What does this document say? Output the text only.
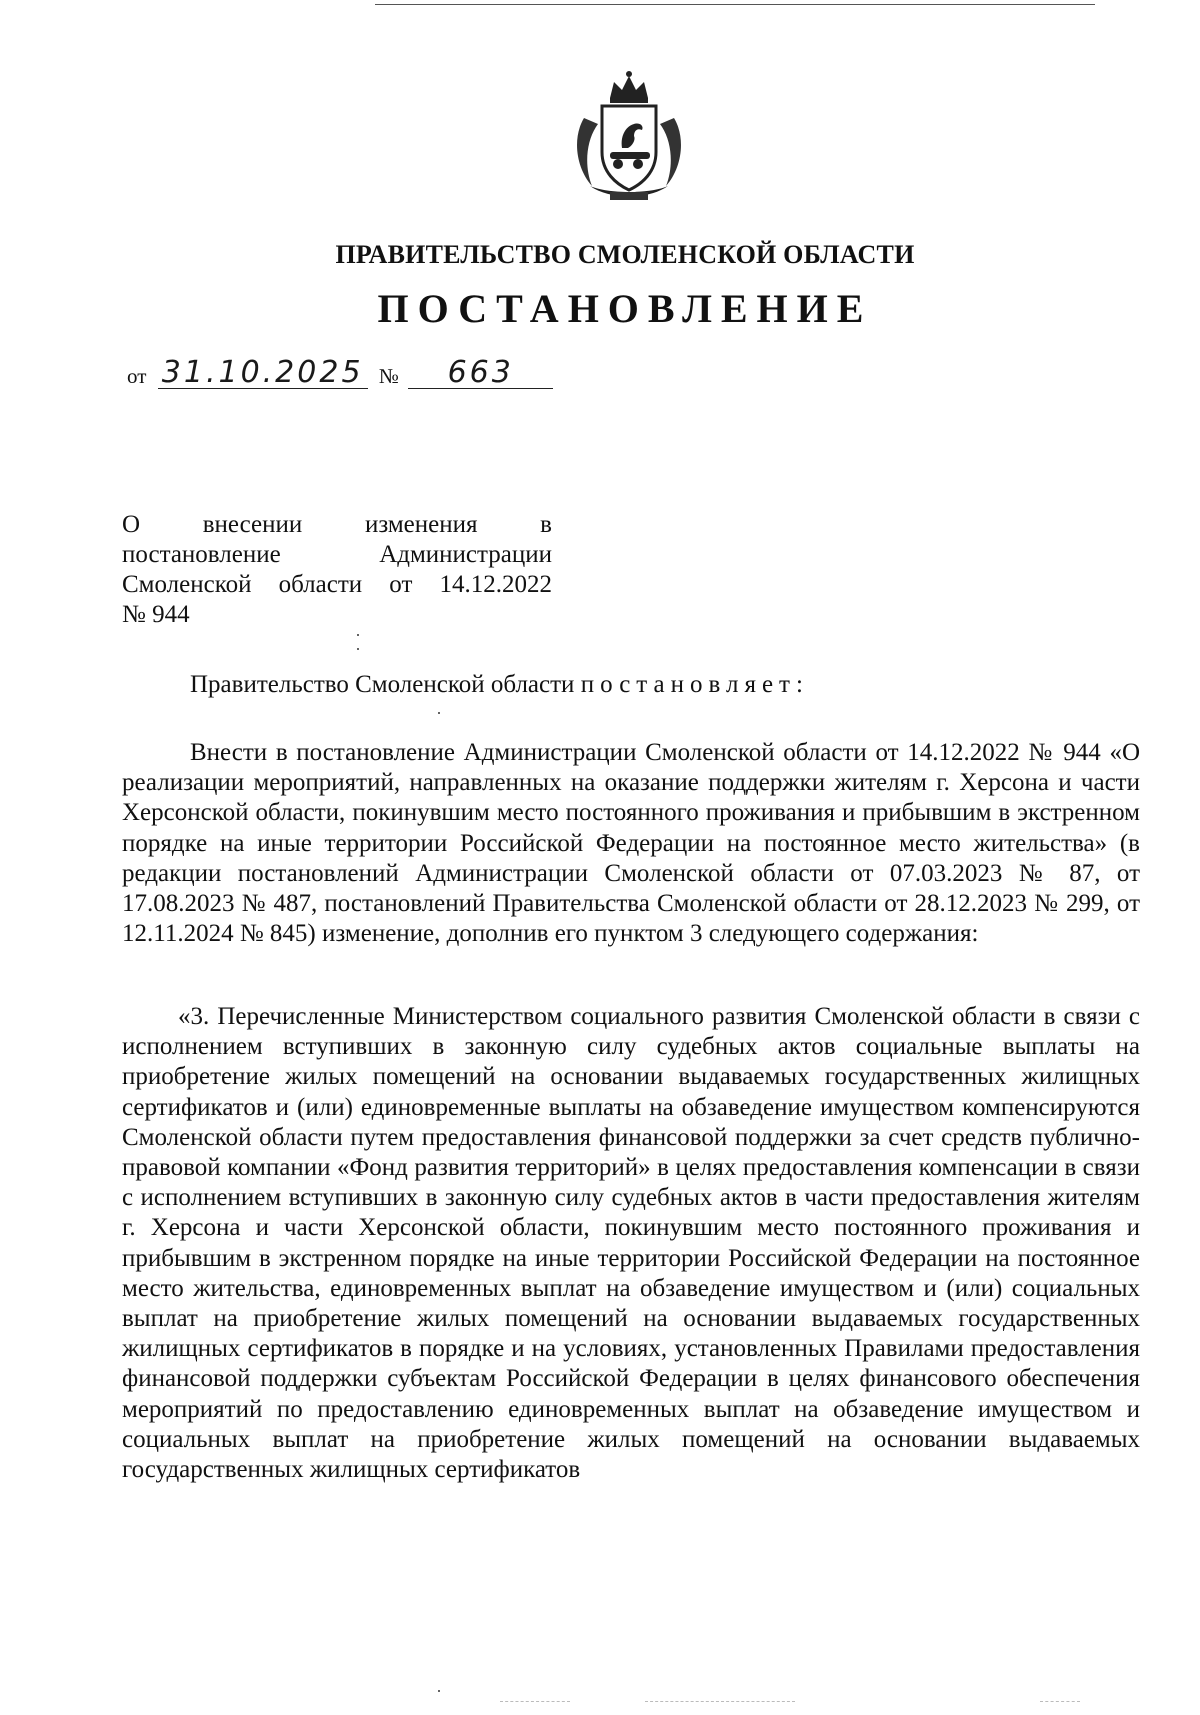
ПРАВИТЕЛЬСТВО СМОЛЕНСКОЙ ОБЛАСТИ
ПОСТАНОВЛЕНИЕ
от 31.10.2025 № 663
О внесении изменения в
постановление Администрации
Смоленской области от 14.12.2022
№ 944
Правительство Смоленской области постановляет:

Внести в постановление Администрации Смоленской области от 14.12.2022 № 944 «О реализации мероприятий, направленных на оказание поддержки жителям г. Херсона и части Херсонской области, покинувшим место постоянного проживания и прибывшим в экстренном порядке на иные территории Российской Федерации на постоянное место жительства» (в редакции постановлений Администрации Смоленской области от 07.03.2023 № 87, от 17.08.2023 № 487, постановлений Правительства Смоленской области от 28.12.2023 № 299, от 12.11.2024 № 845) изменение, дополнив его пунктом 3 следующего содержания:

«3. Перечисленные Министерством социального развития Смоленской области в связи с исполнением вступивших в законную силу судебных актов социальные выплаты на приобретение жилых помещений на основании выдаваемых государственных жилищных сертификатов и (или) единовременные выплаты на обзаведение имуществом компенсируются Смоленской области путем предоставления финансовой поддержки за счет средств публично-правовой компании «Фонд развития территорий» в целях предоставления компенсации в связи с исполнением вступивших в законную силу судебных актов в части предоставления жителям г. Херсона и части Херсонской области, покинувшим место постоянного проживания и прибывшим в экстренном порядке на иные территории Российской Федерации на постоянное место жительства, единовременных выплат на обзаведение имуществом и (или) социальных выплат на приобретение жилых помещений на основании выдаваемых государственных жилищных сертификатов в порядке и на условиях, установленных Правилами предоставления финансовой поддержки субъектам Российской Федерации в целях финансового обеспечения мероприятий по предоставлению единовременных выплат на обзаведение имуществом и социальных выплат на приобретение жилых помещений на основании выдаваемых государственных жилищных сертификатов
